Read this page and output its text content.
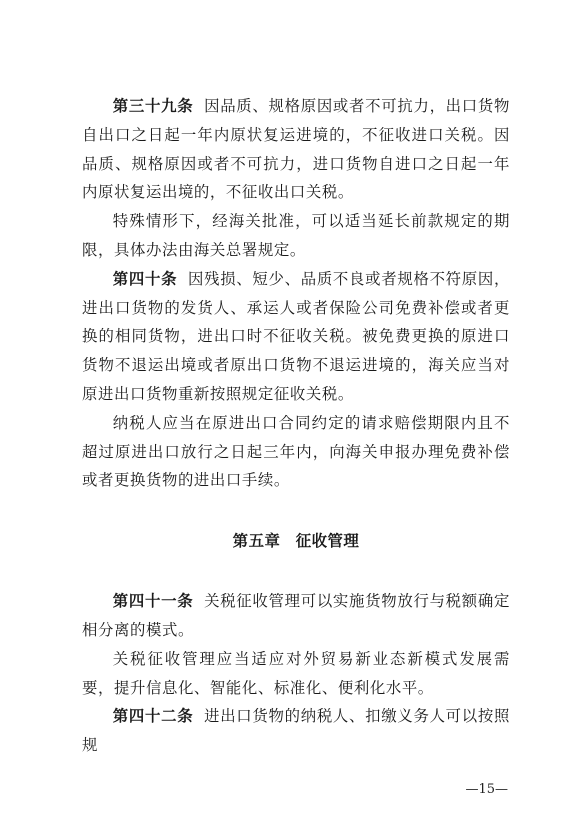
第三十九条 因品质、规格原因或者不可抗力，出口货物自出口之日起一年内原状复运进境的，不征收进口关税。因品质、规格原因或者不可抗力，进口货物自进口之日起一年内原状复运出境的，不征收出口关税。

特殊情形下，经海关批准，可以适当延长前款规定的期限，具体办法由海关总署规定。

第四十条 因残损、短少、品质不良或者规格不符原因，进出口货物的发货人、承运人或者保险公司免费补偿或者更换的相同货物，进出口时不征收关税。被免费更换的原进口货物不退运出境或者原出口货物不退运进境的，海关应当对原进出口货物重新按照规定征收关税。

纳税人应当在原进出口合同约定的请求赔偿期限内且不超过原进出口放行之日起三年内，向海关申报办理免费补偿或者更换货物的进出口手续。

第五章 征收管理

第四十一条 关税征收管理可以实施货物放行与税额确定相分离的模式。

关税征收管理应当适应对外贸易新业态新模式发展需要，提升信息化、智能化、标准化、便利化水平。

第四十二条 进出口货物的纳税人、扣缴义务人可以按照规

—15—
